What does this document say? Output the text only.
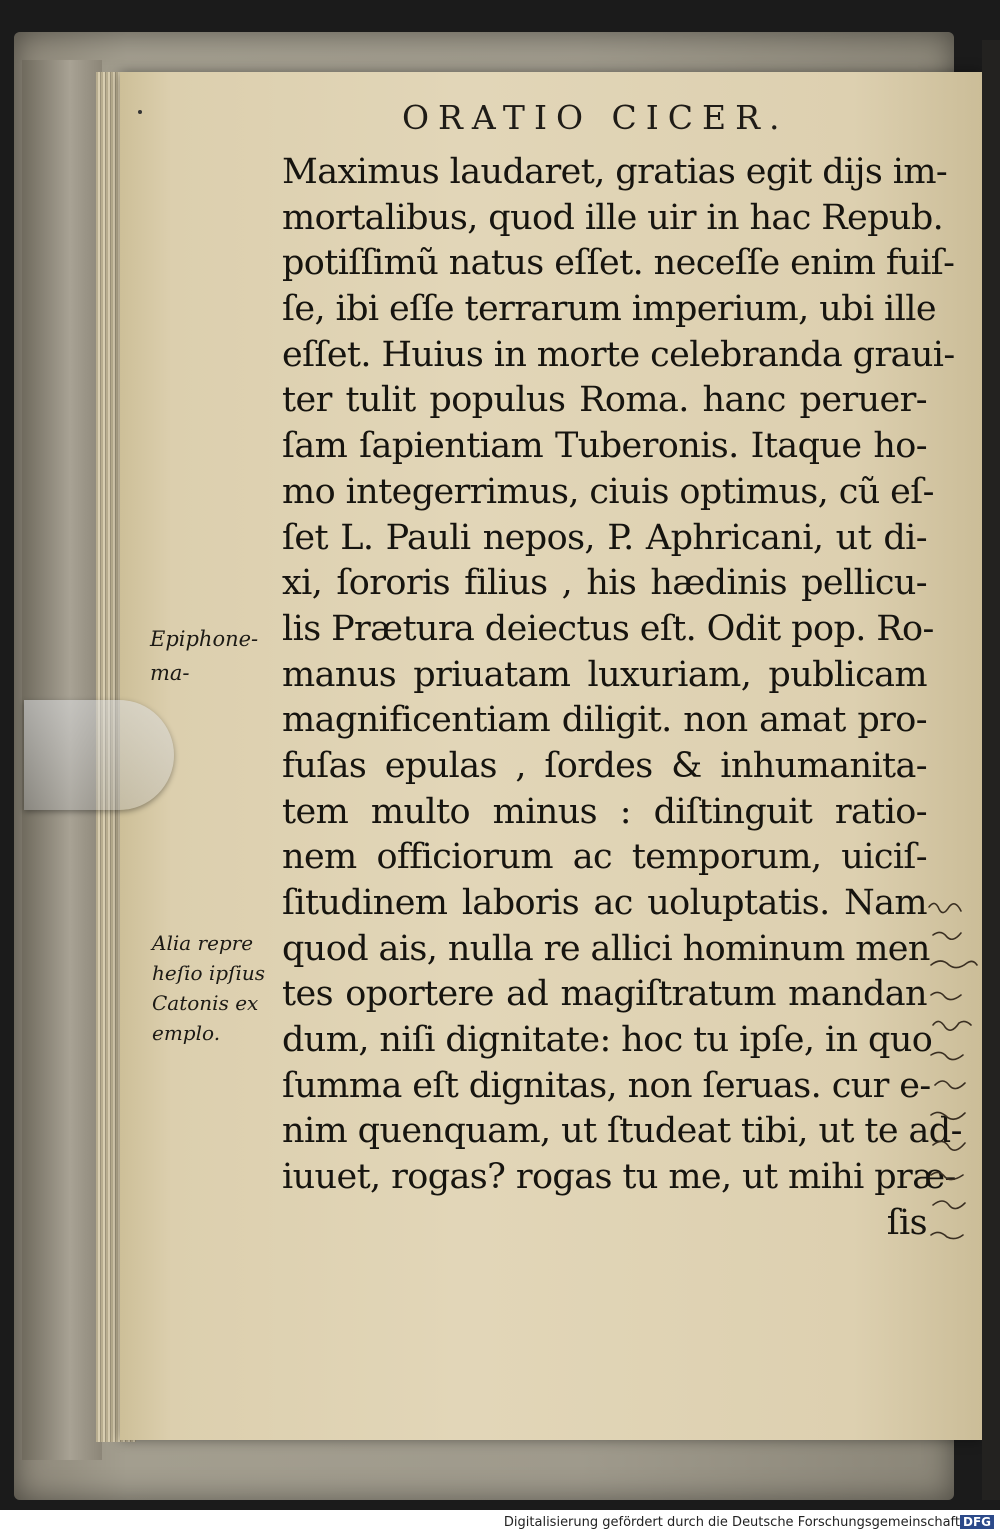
ORATIO CICER.
Maximus laudaret, gratias egit dijs im-
mortalibus, quod ille uir in hac Repub.
potiſſimũ natus eſſet. neceſſe enim fuiſ-
ſe, ibi eſſe terrarum imperium, ubi ille
eſſet. Huius in morte celebranda graui-
ter tulit populus Roma. hanc peruer-
ſam ſapientiam Tuberonis. Itaque ho-
mo integerrimus, ciuis optimus, cũ eſ-
ſet L. Pauli nepos, P. Aphricani, ut di-
xi, ſororis filius , his hædinis pellicu-
lis Prætura deiectus eſt. Odit pop. Ro-
manus priuatam luxuriam, publicam
magnificentiam diligit. non amat pro-
fuſas epulas , ſordes & inhumanita-
tem multo minus : diſtinguit ratio-
nem officiorum ac temporum, uiciſ-
ſitudinem laboris ac uoluptatis. Nam
quod ais, nulla re allici hominum men
tes oportere ad magiſtratum mandan
dum, niſi dignitate: hoc tu ipſe, in quo
ſumma eſt dignitas, non ſeruas. cur e-
nim quenquam, ut ſtudeat tibi, ut te ad-
iuuet, rogas? rogas tu me, ut mihi præ-
ſis
Epiphone-
ma-
Alia repre
heſio ipſius
Catonis ex
emplo.
Digitalisierung gefördert durch die Deutsche Forschungsgemeinschaft DFG
